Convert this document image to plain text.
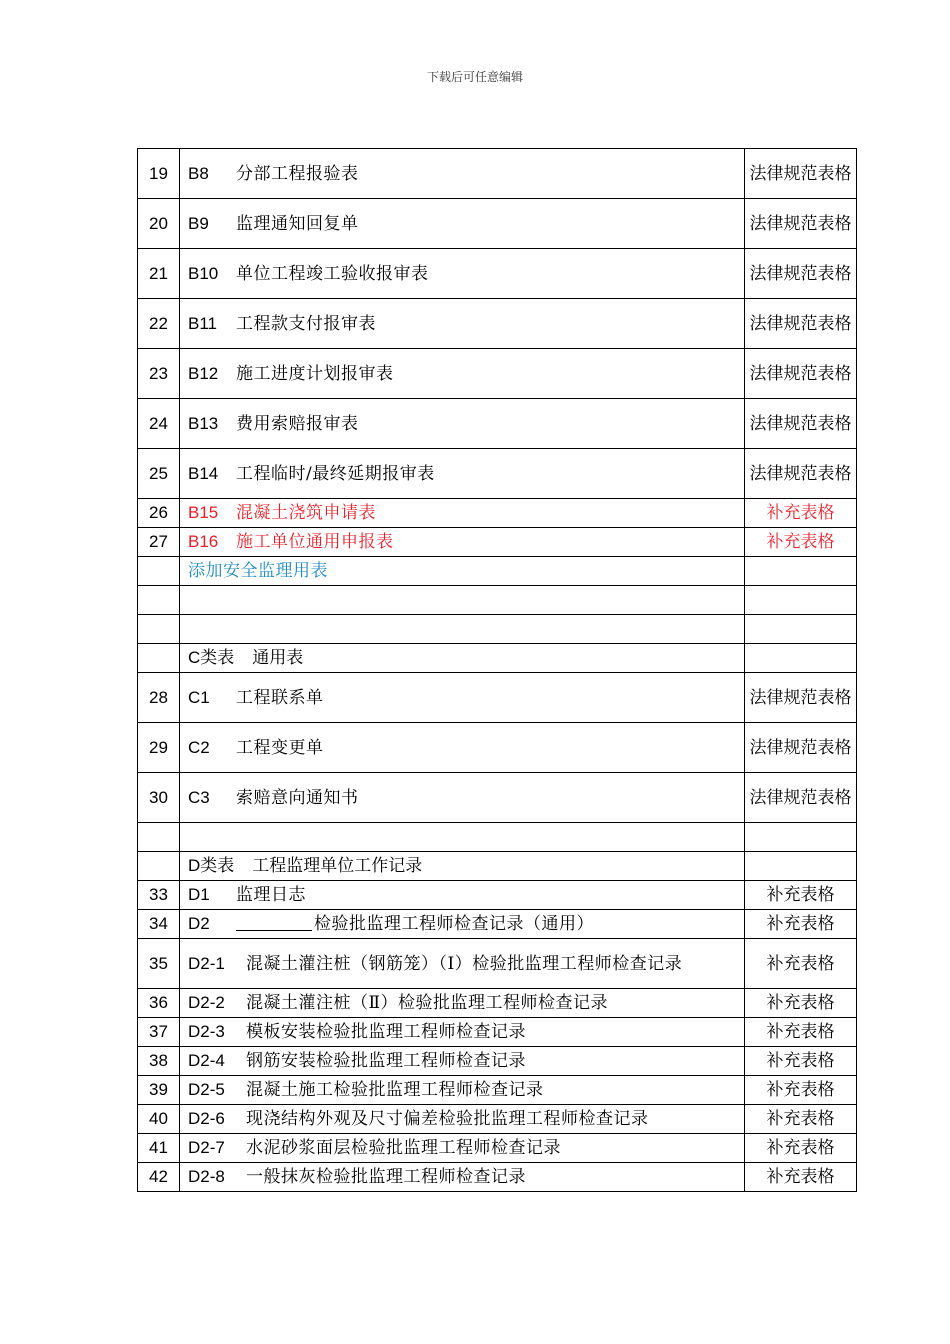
下载后可任意编辑
19	B8 分部工程报验表	法律规范表格
20	B9 监理通知回复单	法律规范表格
21	B10 单位工程竣工验收报审表	法律规范表格
22	B11 工程款支付报审表	法律规范表格
23	B12 施工进度计划报审表	法律规范表格
24	B13 费用索赔报审表	法律规范表格
25	B14 工程临时/最终延期报审表	法律规范表格
26	B15 混凝土浇筑申请表	补充表格
27	B16 施工单位通用申报表	补充表格
	添加安全监理用表	

	C类表 通用表	
28	C1 工程联系单	法律规范表格
29	C2 工程变更单	法律规范表格
30	C3 索赔意向通知书	法律规范表格

	D类表 工程监理单位工作记录	
33	D1 监理日志	补充表格
34	D2 检验批监理工程师检查记录（通用）	补充表格
35	D2-1 混凝土灌注桩（钢筋笼）（Ⅰ）检验批监理工程师检查记录	补充表格
36	D2-2 混凝土灌注桩（Ⅱ）检验批监理工程师检查记录	补充表格
37	D2-3 模板安装检验批监理工程师检查记录	补充表格
38	D2-4 钢筋安装检验批监理工程师检查记录	补充表格
39	D2-5 混凝土施工检验批监理工程师检查记录	补充表格
40	D2-6 现浇结构外观及尺寸偏差检验批监理工程师检查记录	补充表格
41	D2-7 水泥砂浆面层检验批监理工程师检查记录	补充表格
42	D2-8 一般抹灰检验批监理工程师检查记录	补充表格
